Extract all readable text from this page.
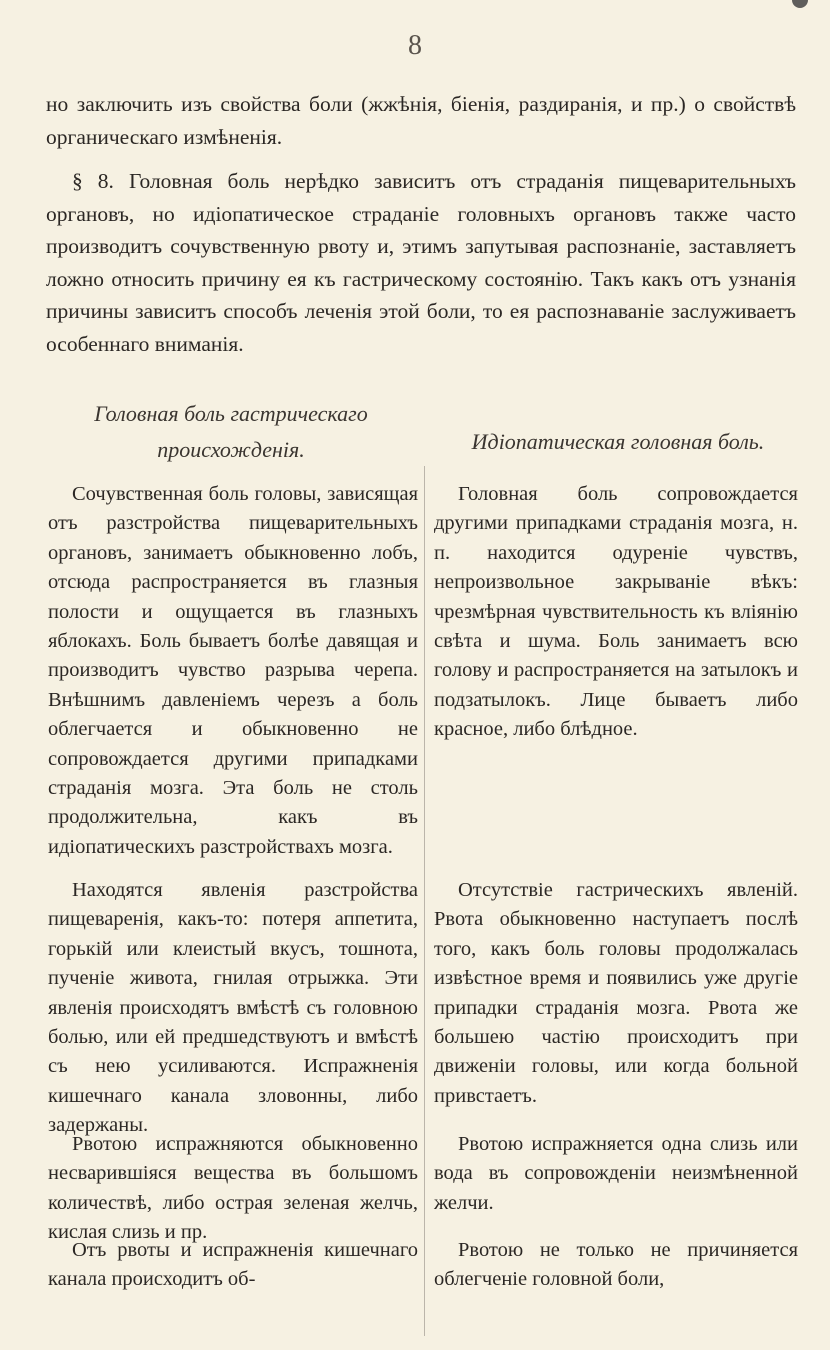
8

но заключить изъ свойства боли (жжѣнія, біенія, раздиранія, и пр.) о свойствѣ органическаго измѣненія.

§ 8. Головная боль нерѣдко зависитъ отъ страданія пищеварительныхъ органовъ, но идіопатическое страданіе головныхъ органовъ также часто производитъ сочувственную рвоту и, этимъ запутывая распознаніе, заставляетъ ложно относить причину ея къ гастрическому состоянію. Такъ какъ отъ узнанія причины зависитъ способъ леченія этой боли, то ея распознаваніе заслуживаетъ особеннаго вниманія.

Головная боль гастрическаго происхожденія.	Идіопатическая головная боль.

Сочувственная боль головы, зависящая отъ разстройства пищеварительныхъ органовъ, занимаетъ обыкновенно лобъ, отсюда распространяется въ глазныя полости и ощущается въ глазныхъ яблокахъ. Боль бываетъ болѣе давящая и производитъ чувство разрыва черепа. Внѣшнимъ давленіемъ черезъ а боль облегчается и обыкновенно не сопровождается другими припадками страданія мозга. Эта боль не столь продолжительна, какъ въ идіопатическихъ разстройствахъ мозга.

Находятся явленія разстройства пищеваренія, какъ-то: потеря аппетита, горькій или клеистый вкусъ, тошнота, пученіе живота, гнилая отрыжка. Эти явленія происходятъ вмѣстѣ съ головною болью, или ей предшедствуютъ и вмѣстѣ съ нею усиливаются. Испражненія кишечнаго канала зловонны, либо задержаны.

Рвотою испражняются обыкновенно несварившіяся вещества въ большомъ количествѣ, либо острая зеленая желчь, кислая слизь и пр.

Отъ рвоты и испражненія кишечнаго канала происходитъ об-

Головная боль сопровождается другими припадками страданія мозга, н. п. находится одуреніе чувствъ, непроизвольное закрываніе вѣкъ: чрезмѣрная чувствительность къ вліянію свѣта и шума. Боль занимаетъ всю голову и распространяется на затылокъ и подзатылокъ. Лице бываетъ либо красное, либо блѣдное.

Отсутствіе гастрическихъ явленій. Рвота обыкновенно наступаетъ послѣ того, какъ боль головы продолжалась извѣстное время и появились уже другіе припадки страданія мозга. Рвота же большею частію происходитъ при движеніи головы, или когда больной привстаетъ.

Рвотою испражняется одна слизь или вода въ сопровожденіи неизмѣненной желчи.

Рвотою не только не причиняется облегченіе головной боли,
